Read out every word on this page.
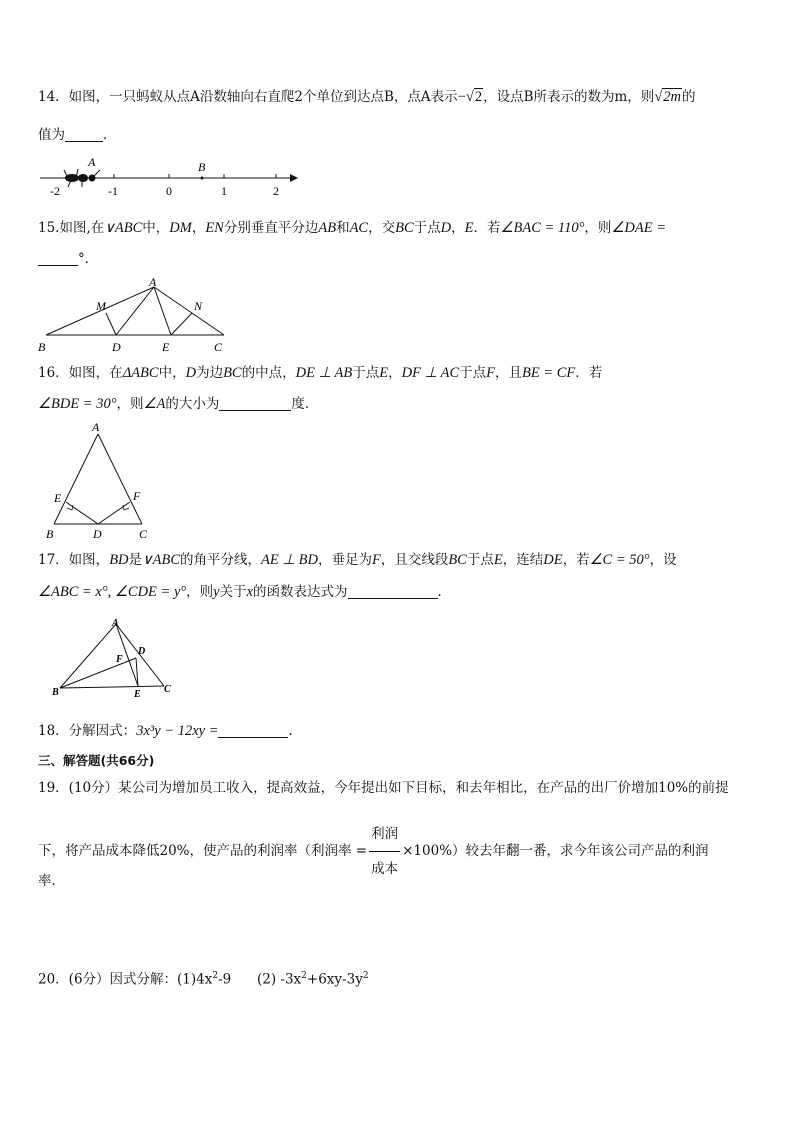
14．如图，一只蚂蚁从点A沿数轴向右直爬2个单位到达点B，点A表示−√2，设点B所表示的数为m，则√2m的
值为	．
A	B
-2	-1	0	1	2
15.如图,在∨ABC中，DM，EN分别垂直平分边AB和AC，交BC于点D，E．若∠BAC = 110°，则∠DAE =
°．
A
M	N
B	D	E	C
16．如图，在ΔABC中，D为边BC的中点，DE ⊥ AB于点E，DF ⊥ AC于点F，且BE = CF．若
∠BDE = 30°，则∠A的大小为	度．
A
E	F
B	D	C
17．如图，BD是∨ABC的角平分线，AE ⊥ BD，垂足为F，且交线段BC于点E，连结DE，若∠C = 50°，设
∠ABC = x°, ∠CDE = y°，则y关于x的函数表达式为	．
A
D
F
B	E C
18．分解因式：3x³y − 12xy =	.
三、解答题(共66分)
19．(10分）某公司为增加员工收入，提高效益，今年提出如下目标，和去年相比，在产品的出厂价增加10%的前提
下，将产品成本降低20%，使产品的利润率（利润率 = $\frac{\text{利润}}{\text{成本}} \times 100\%$）较去年翻一番，求今年该公司产品的利润
率．
20．(6分）因式分解：$(1)4x^2-9$      (2) $-3x^2+6xy-3y^2$
